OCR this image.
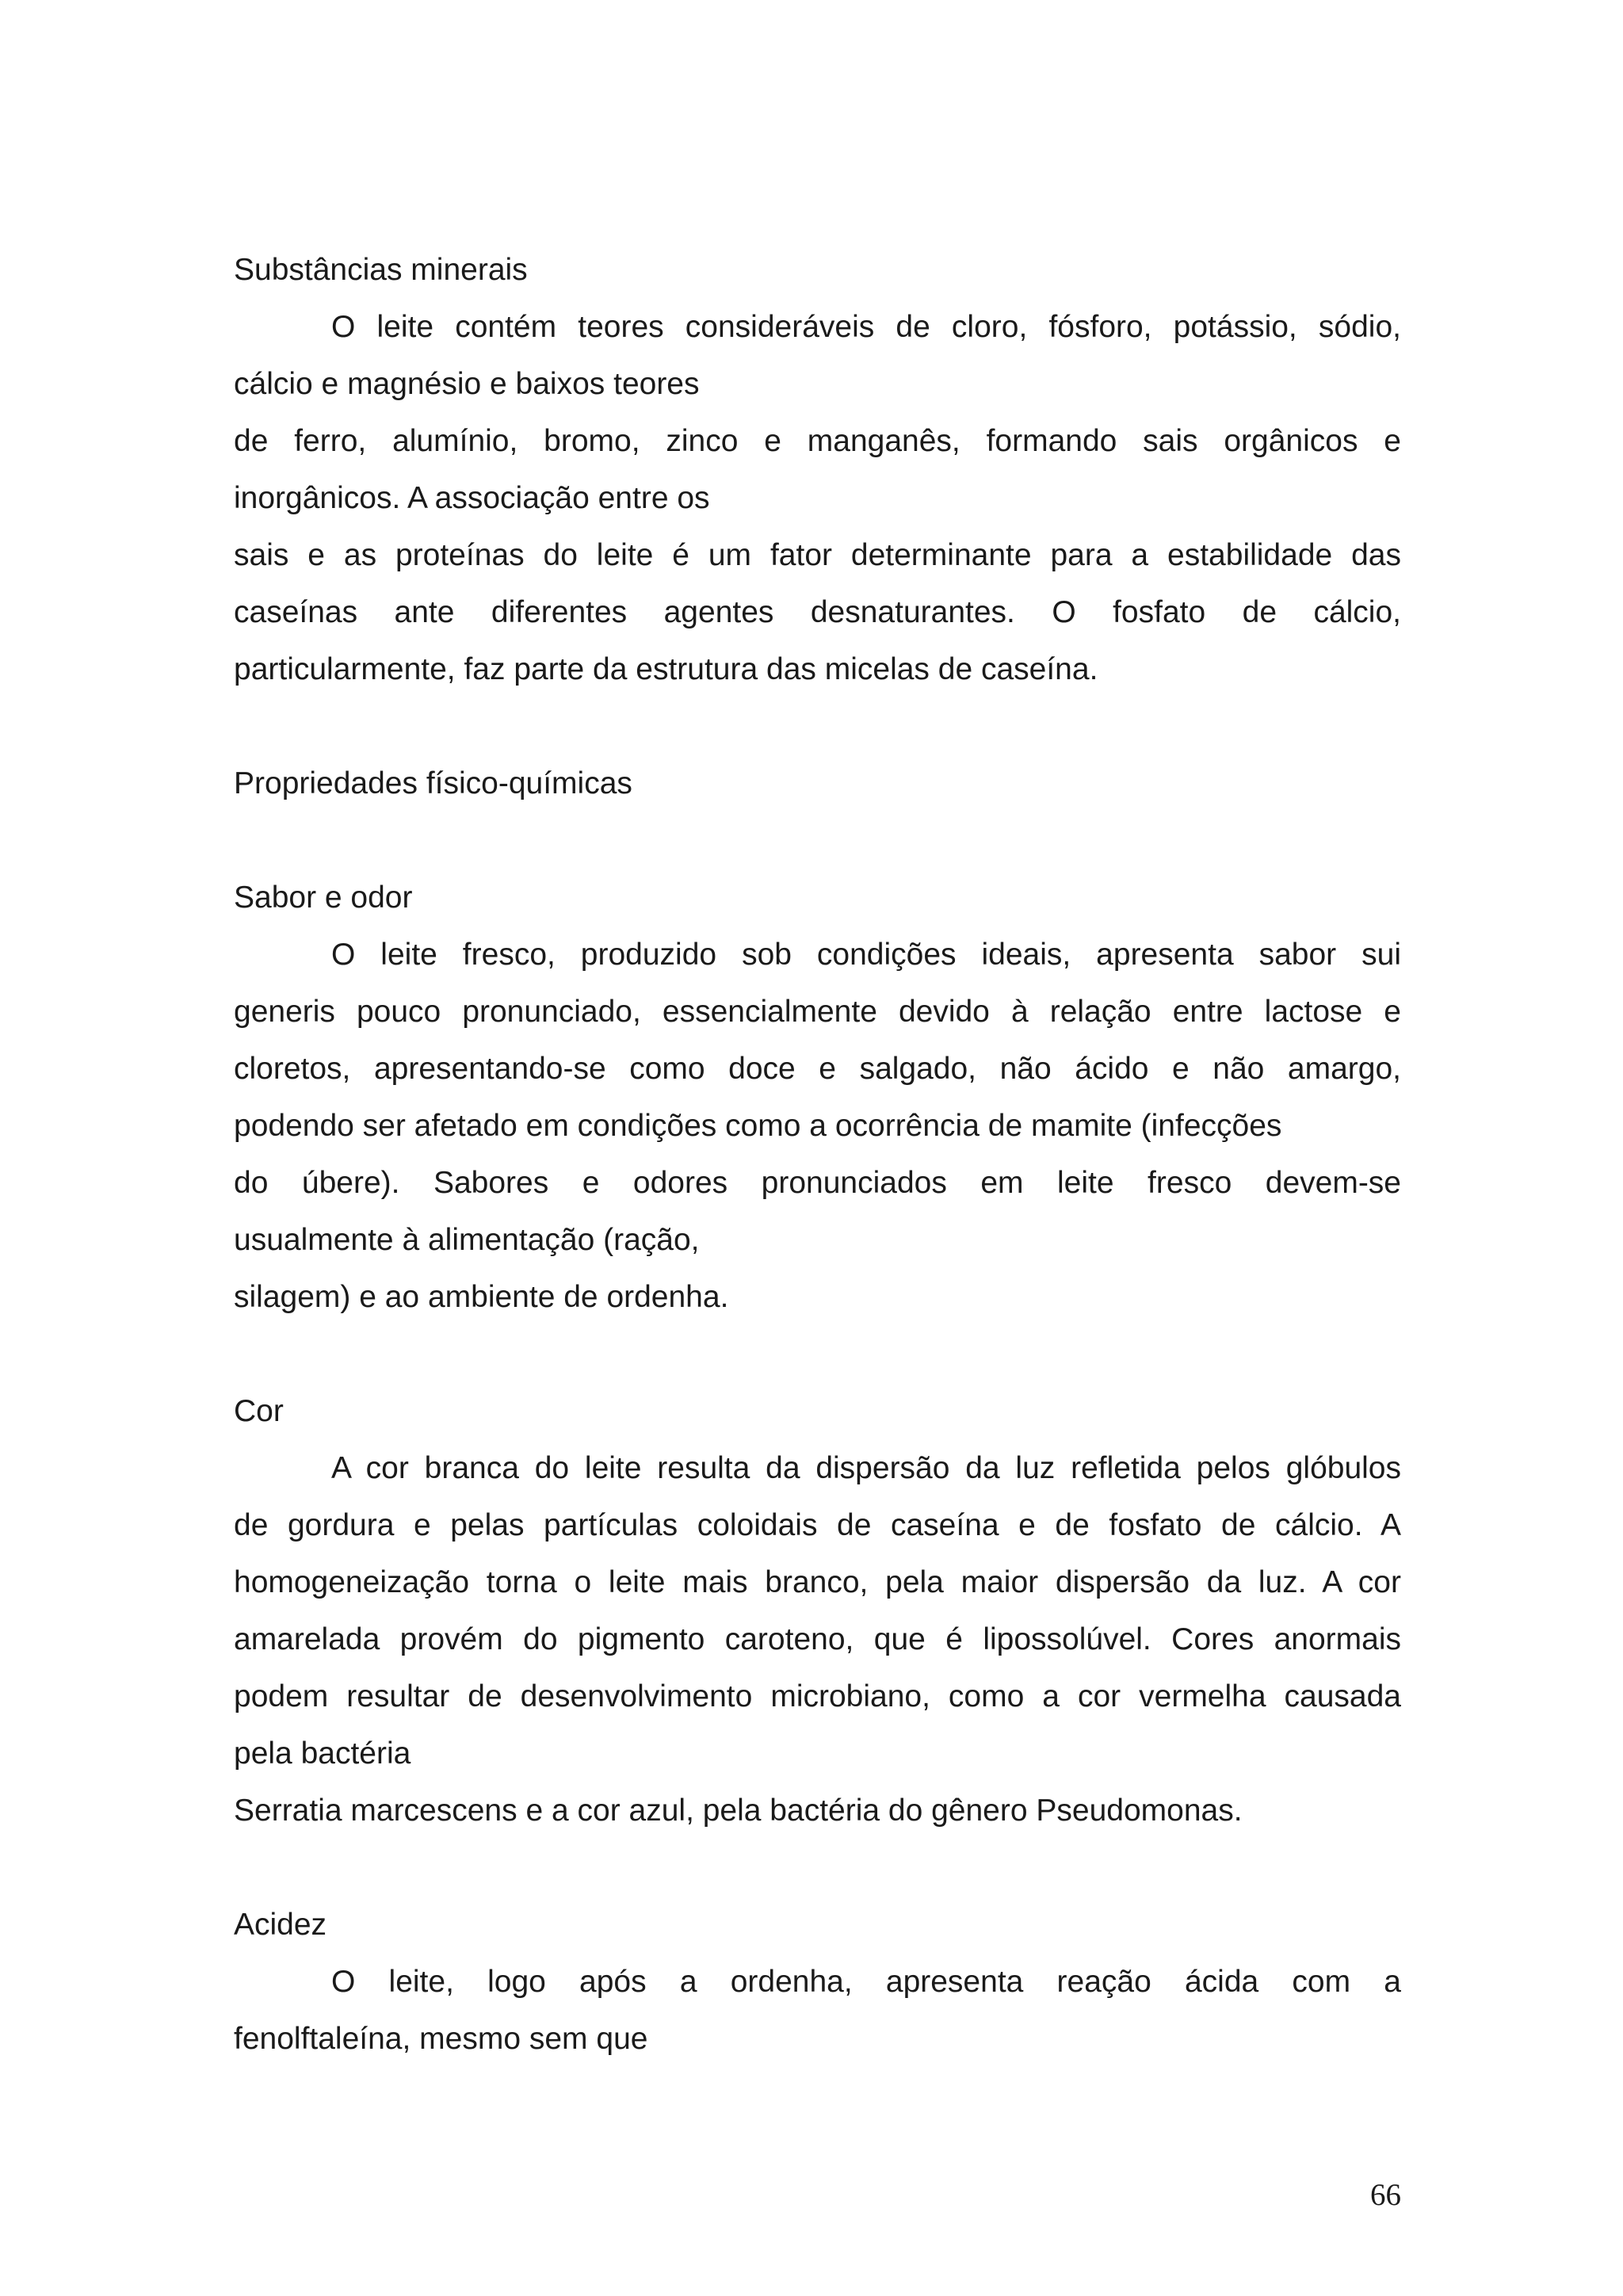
Substâncias minerais
O leite contém teores consideráveis de cloro, fósforo, potássio, sódio,
cálcio e magnésio e baixos teores
de ferro, alumínio, bromo, zinco e manganês, formando sais orgânicos e
inorgânicos. A associação entre os
sais e as proteínas do leite é um fator determinante para a estabilidade das
caseínas ante diferentes agentes desnaturantes. O fosfato de cálcio,
particularmente, faz parte da estrutura das micelas de caseína.
Propriedades físico-químicas
Sabor e odor
O leite fresco, produzido sob condições ideais, apresenta sabor sui
generis pouco pronunciado, essencialmente devido à relação entre lactose e
cloretos, apresentando-se como doce e salgado, não ácido e não amargo,
podendo ser afetado em condições como a ocorrência de mamite (infecções
do úbere). Sabores e odores pronunciados em leite fresco devem-se
usualmente à alimentação (ração,
silagem) e ao ambiente de ordenha.
Cor
A cor branca do leite resulta da dispersão da luz refletida pelos glóbulos
de gordura e pelas partículas coloidais de caseína e de fosfato de cálcio. A
homogeneização torna o leite mais branco, pela maior dispersão da luz. A cor
amarelada provém do pigmento caroteno, que é lipossolúvel. Cores anormais
podem resultar de desenvolvimento microbiano, como a cor vermelha causada
pela bactéria
Serratia marcescens e a cor azul, pela bactéria do gênero Pseudomonas.
Acidez
O leite, logo após a ordenha, apresenta reação ácida com a
fenolftaleína, mesmo sem que
66
